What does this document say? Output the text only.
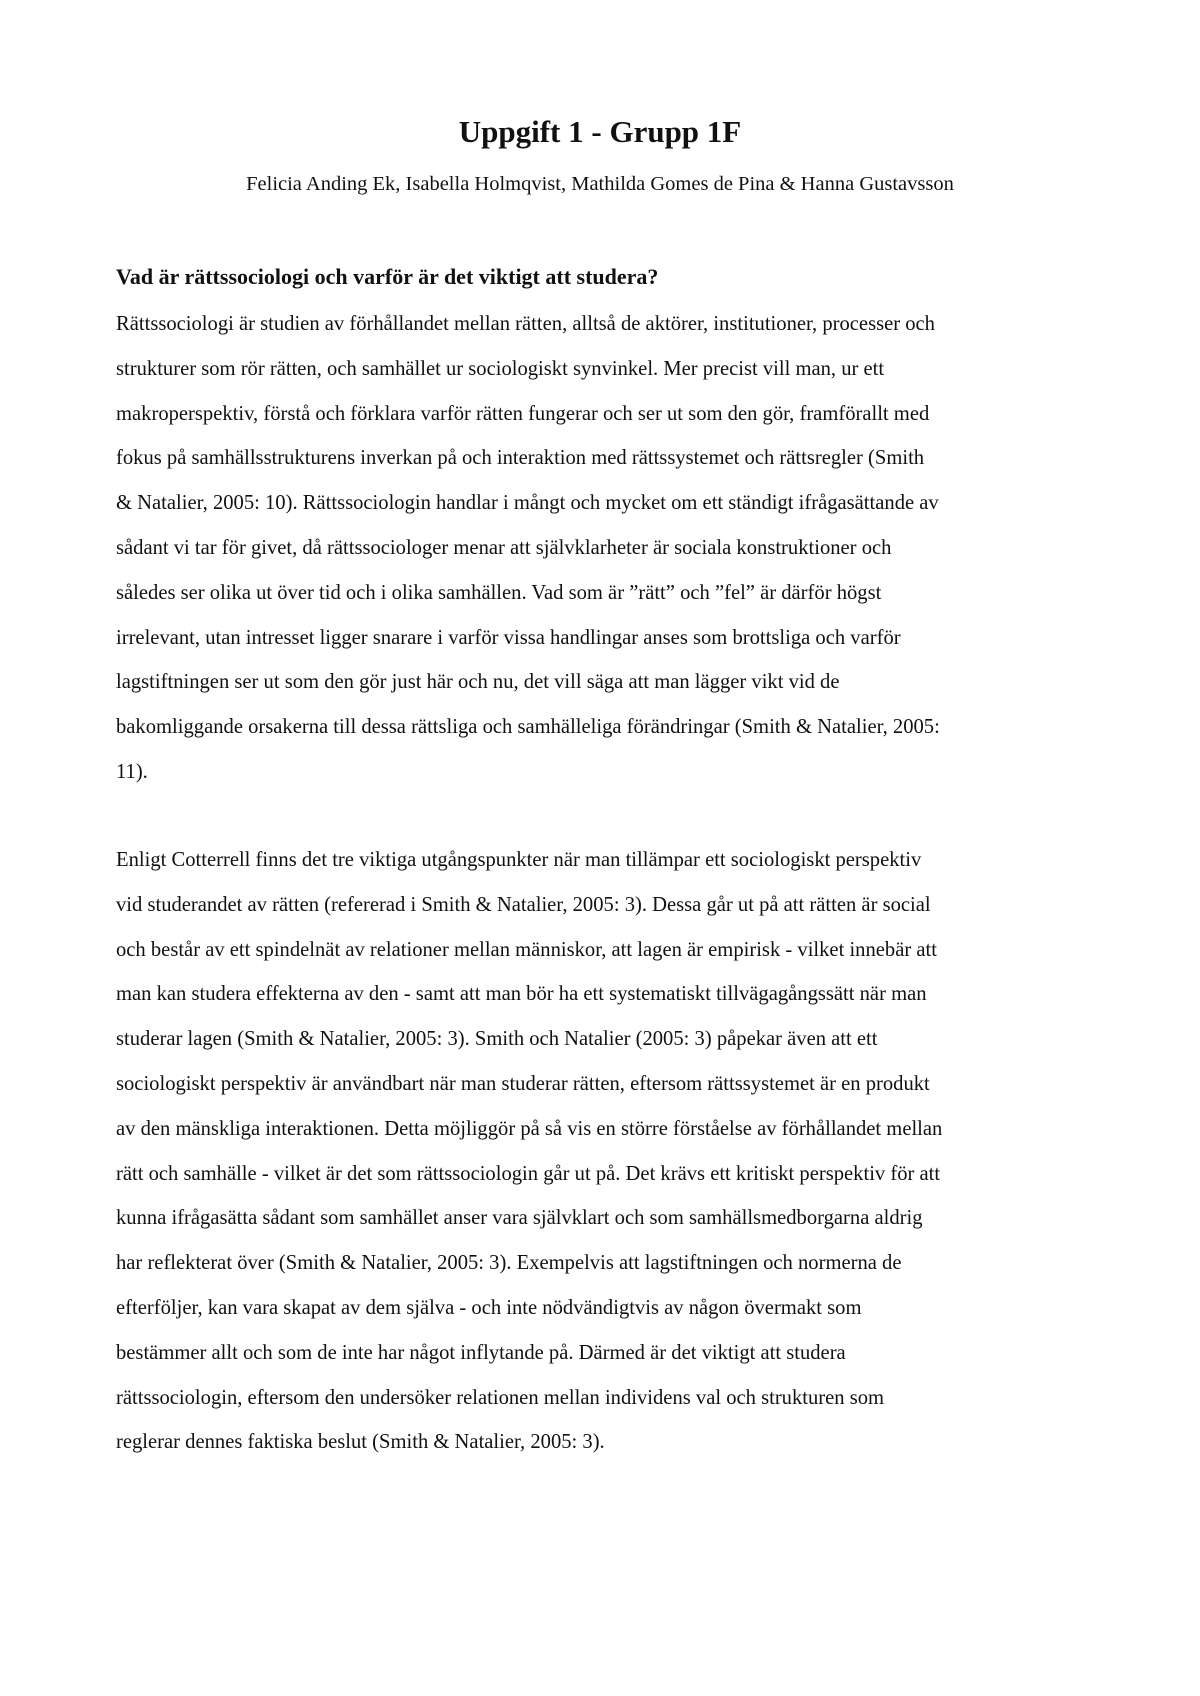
Uppgift 1 - Grupp 1F

Felicia Anding Ek, Isabella Holmqvist, Mathilda Gomes de Pina & Hanna Gustavsson

Vad är rättssociologi och varför är det viktigt att studera?

Rättssociologi är studien av förhållandet mellan rätten, alltså de aktörer, institutioner, processer och
strukturer som rör rätten, och samhället ur sociologiskt synvinkel. Mer precist vill man, ur ett
makroperspektiv, förstå och förklara varför rätten fungerar och ser ut som den gör, framförallt med
fokus på samhällsstrukturens inverkan på och interaktion med rättssystemet och rättsregler (Smith
& Natalier, 2005: 10). Rättssociologin handlar i mångt och mycket om ett ständigt ifrågasättande av
sådant vi tar för givet, då rättssociologer menar att självklarheter är sociala konstruktioner och
således ser olika ut över tid och i olika samhällen. Vad som är ”rätt” och ”fel” är därför högst
irrelevant, utan intresset ligger snarare i varför vissa handlingar anses som brottsliga och varför
lagstiftningen ser ut som den gör just här och nu, det vill säga att man lägger vikt vid de
bakomliggande orsakerna till dessa rättsliga och samhälleliga förändringar (Smith & Natalier, 2005:
11).

Enligt Cotterrell finns det tre viktiga utgångspunkter när man tillämpar ett sociologiskt perspektiv
vid studerandet av rätten (refererad i Smith & Natalier, 2005: 3). Dessa går ut på att rätten är social
och består av ett spindelnät av relationer mellan människor, att lagen är empirisk - vilket innebär att
man kan studera effekterna av den - samt att man bör ha ett systematiskt tillvägagångssätt när man
studerar lagen (Smith & Natalier, 2005: 3). Smith och Natalier (2005: 3) påpekar även att ett
sociologiskt perspektiv är användbart när man studerar rätten, eftersom rättssystemet är en produkt
av den mänskliga interaktionen. Detta möjliggör på så vis en större förståelse av förhållandet mellan
rätt och samhälle - vilket är det som rättssociologin går ut på. Det krävs ett kritiskt perspektiv för att
kunna ifrågasätta sådant som samhället anser vara självklart och som samhällsmedborgarna aldrig
har reflekterat över (Smith & Natalier, 2005: 3). Exempelvis att lagstiftningen och normerna de
efterföljer, kan vara skapat av dem själva - och inte nödvändigtvis av någon övermakt som
bestämmer allt och som de inte har något inflytande på. Därmed är det viktigt att studera
rättssociologin, eftersom den undersöker relationen mellan individens val och strukturen som
reglerar dennes faktiska beslut (Smith & Natalier, 2005: 3).
